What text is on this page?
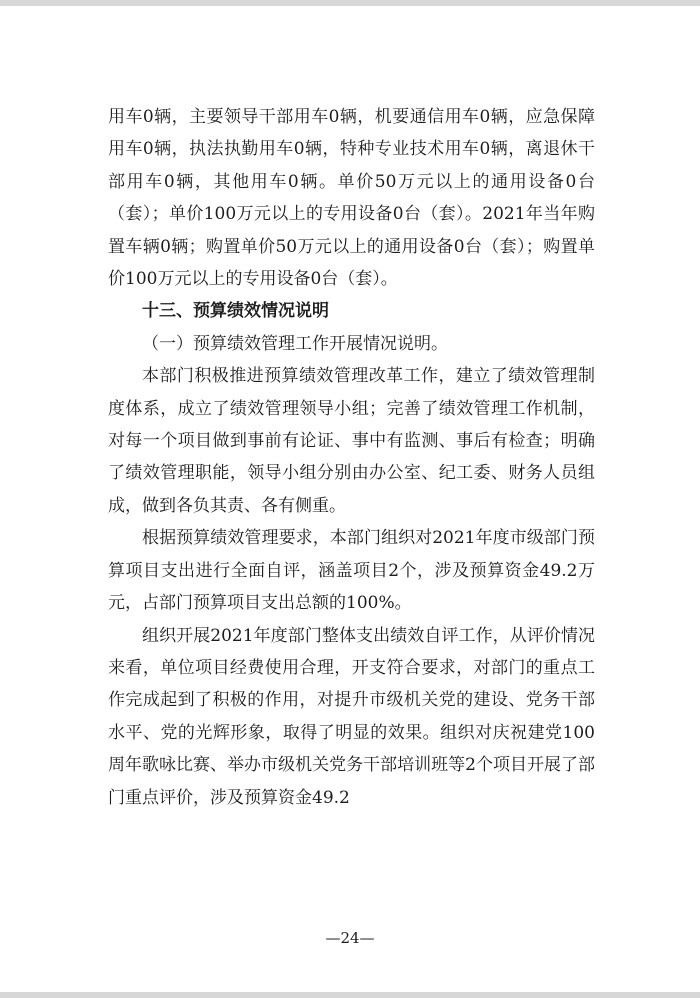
用车0辆，主要领导干部用车0辆，机要通信用车0辆，应急保障用车0辆，执法执勤用车0辆，特种专业技术用车0辆，离退休干部用车0辆，其他用车0辆。单价50万元以上的通用设备0台（套）；单价100万元以上的专用设备0台（套）。2021年当年购置车辆0辆；购置单价50万元以上的通用设备0台（套）；购置单价100万元以上的专用设备0台（套）。

十三、预算绩效情况说明

（一）预算绩效管理工作开展情况说明。

本部门积极推进预算绩效管理改革工作，建立了绩效管理制度体系，成立了绩效管理领导小组；完善了绩效管理工作机制，对每一个项目做到事前有论证、事中有监测、事后有检查；明确了绩效管理职能，领导小组分别由办公室、纪工委、财务人员组成，做到各负其责、各有侧重。

根据预算绩效管理要求，本部门组织对2021年度市级部门预算项目支出进行全面自评，涵盖项目2个，涉及预算资金49.2万元，占部门预算项目支出总额的100%。

组织开展2021年度部门整体支出绩效自评工作，从评价情况来看，单位项目经费使用合理，开支符合要求，对部门的重点工作完成起到了积极的作用，对提升市级机关党的建设、党务干部水平、党的光辉形象，取得了明显的效果。组织对庆祝建党100周年歌咏比赛、举办市级机关党务干部培训班等2个项目开展了部门重点评价，涉及预算资金49.2

—24—
